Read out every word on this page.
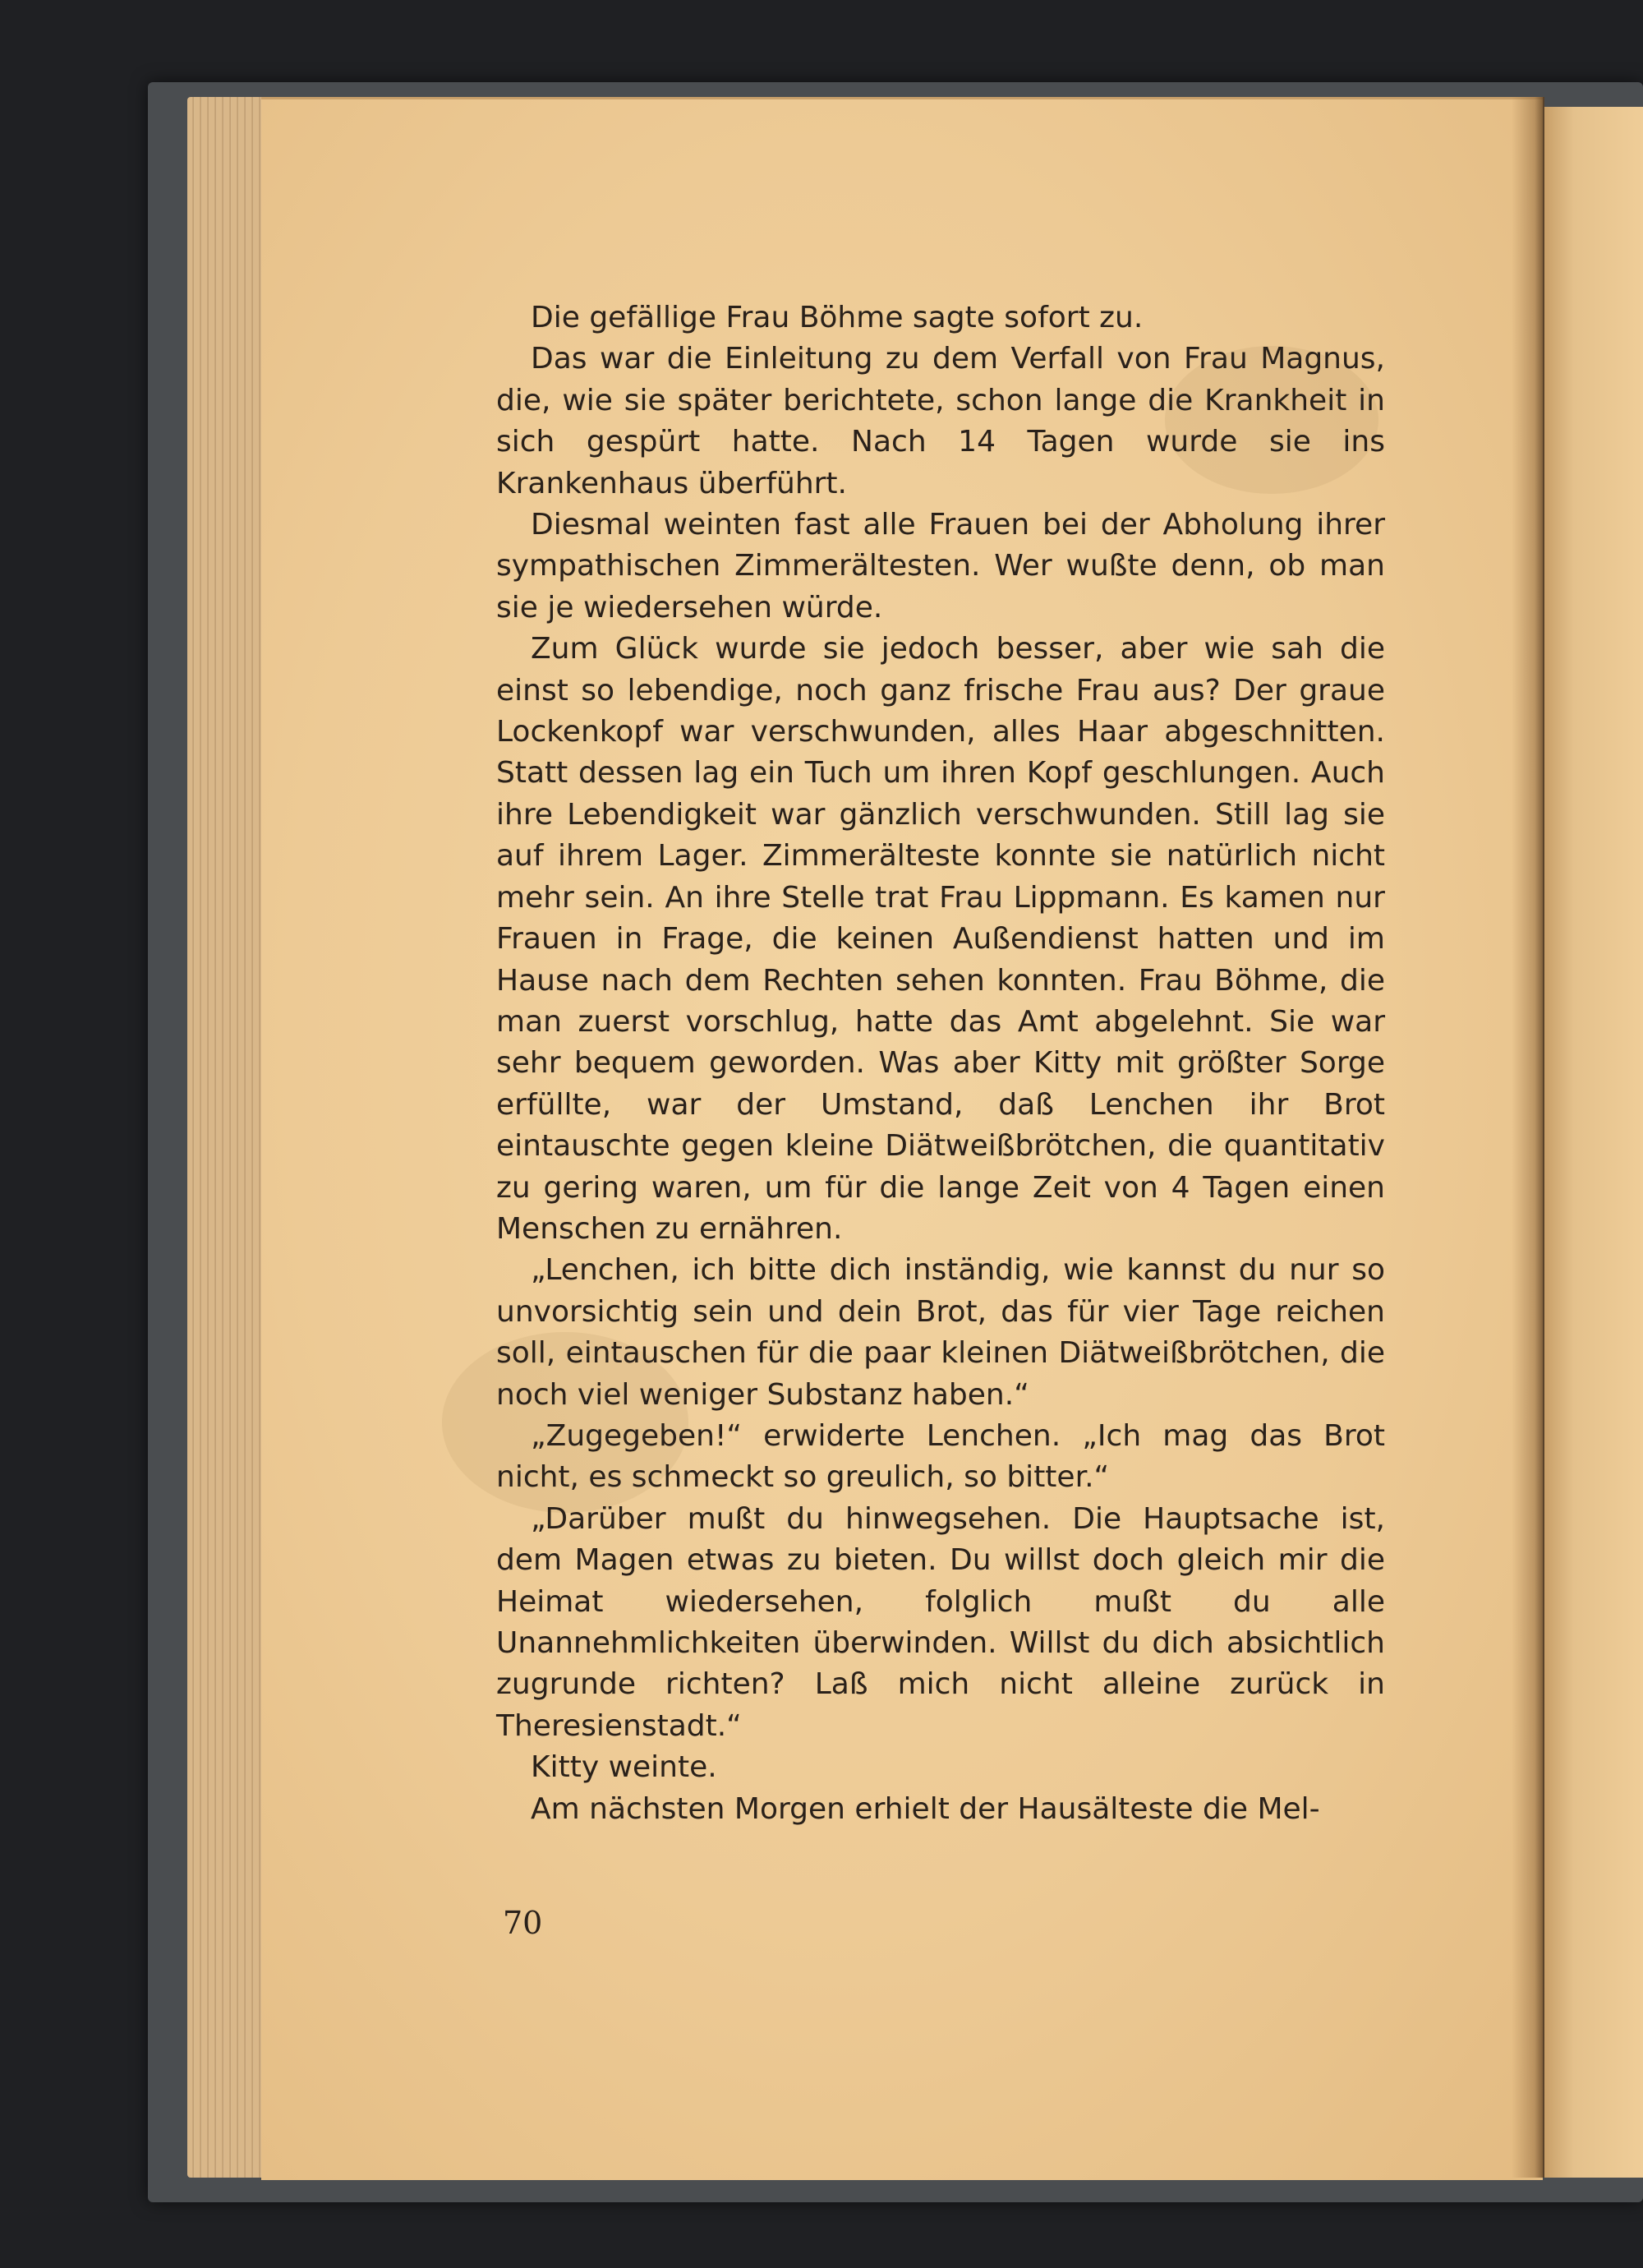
Die gefällige Frau Böhme sagte sofort zu.

Das war die Einleitung zu dem Verfall von Frau Magnus, die, wie sie später berichtete, schon lange die Krankheit in sich gespürt hatte. Nach 14 Tagen wurde sie ins Krankenhaus überführt.

Diesmal weinten fast alle Frauen bei der Abholung ihrer sympathischen Zimmerältesten. Wer wußte denn, ob man sie je wiedersehen würde.

Zum Glück wurde sie jedoch besser, aber wie sah die einst so lebendige, noch ganz frische Frau aus? Der graue Lockenkopf war verschwunden, alles Haar abgeschnitten. Statt dessen lag ein Tuch um ihren Kopf geschlungen. Auch ihre Lebendigkeit war gänzlich verschwunden. Still lag sie auf ihrem Lager. Zimmerälteste konnte sie natürlich nicht mehr sein. An ihre Stelle trat Frau Lippmann. Es kamen nur Frauen in Frage, die keinen Außendienst hatten und im Hause nach dem Rechten sehen konnten. Frau Böhme, die man zuerst vorschlug, hatte das Amt abgelehnt. Sie war sehr bequem geworden. Was aber Kitty mit größter Sorge erfüllte, war der Umstand, daß Lenchen ihr Brot eintauschte gegen kleine Diätweißbrötchen, die quantitativ zu gering waren, um für die lange Zeit von 4 Tagen einen Menschen zu ernähren.

„Lenchen, ich bitte dich inständig, wie kannst du nur so unvorsichtig sein und dein Brot, das für vier Tage reichen soll, eintauschen für die paar kleinen Diätweißbrötchen, die noch viel weniger Substanz haben.“

„Zugegeben!“ erwiderte Lenchen. „Ich mag das Brot nicht, es schmeckt so greulich, so bitter.“

„Darüber mußt du hinwegsehen. Die Hauptsache ist, dem Magen etwas zu bieten. Du willst doch gleich mir die Heimat wiedersehen, folglich mußt du alle Unannehmlichkeiten überwinden. Willst du dich absichtlich zugrunde richten? Laß mich nicht alleine zurück in Theresienstadt.“

Kitty weinte.

Am nächsten Morgen erhielt der Hausälteste die Mel-

70
